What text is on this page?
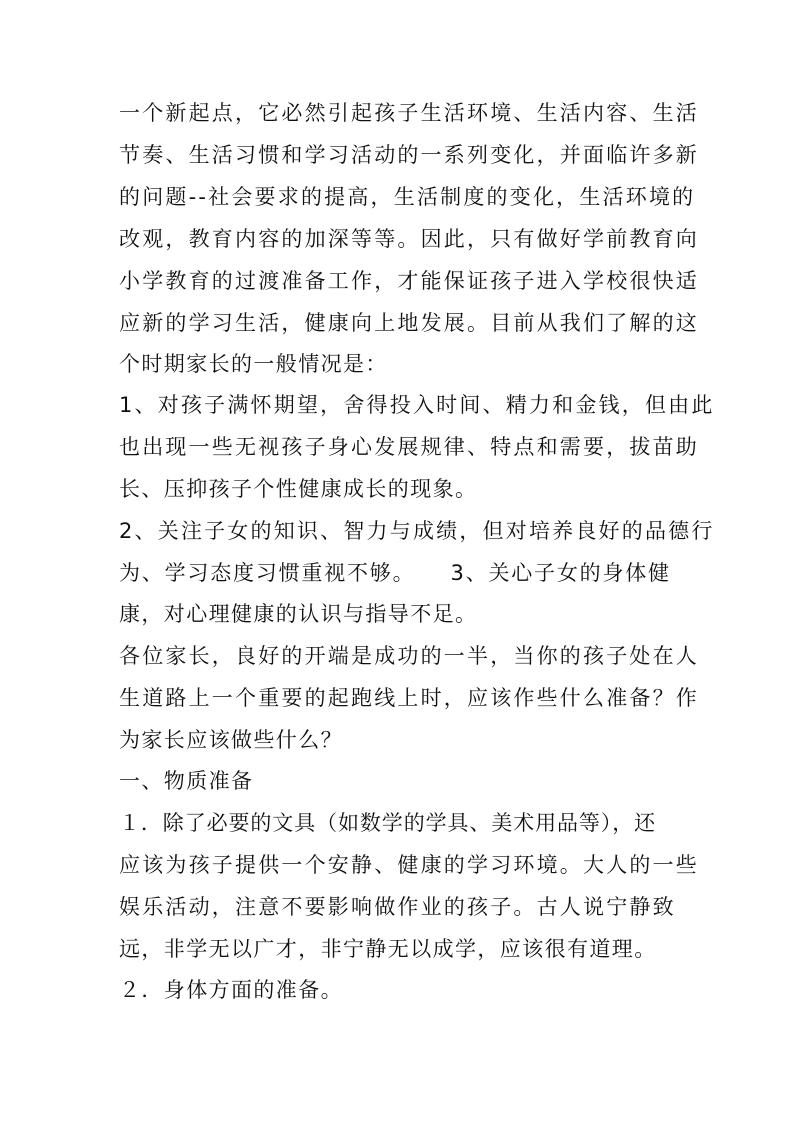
一个新起点，它必然引起孩子生活环境、生活内容、生活
节奏、生活习惯和学习活动的一系列变化，并面临许多新
的问题--社会要求的提高，生活制度的变化，生活环境的
改观，教育内容的加深等等。因此，只有做好学前教育向
小学教育的过渡准备工作，才能保证孩子进入学校很快适
应新的学习生活，健康向上地发展。目前从我们了解的这
个时期家长的一般情况是：
1、对孩子满怀期望，舍得投入时间、精力和金钱，但由此
也出现一些无视孩子身心发展规律、特点和需要，拔苗助
长、压抑孩子个性健康成长的现象。
2、关注子女的知识、智力与成绩，但对培养良好的品德行
为、学习态度习惯重视不够。　　3、关心子女的身体健
康，对心理健康的认识与指导不足。
各位家长，良好的开端是成功的一半，当你的孩子处在人
生道路上一个重要的起跑线上时，应该作些什么准备？作
为家长应该做些什么？
一、物质准备
１．除了必要的文具（如数学的学具、美术用品等），还
应该为孩子提供一个安静、健康的学习环境。大人的一些
娱乐活动，注意不要影响做作业的孩子。古人说宁静致
远，非学无以广才，非宁静无以成学，应该很有道理。
２．身体方面的准备。
